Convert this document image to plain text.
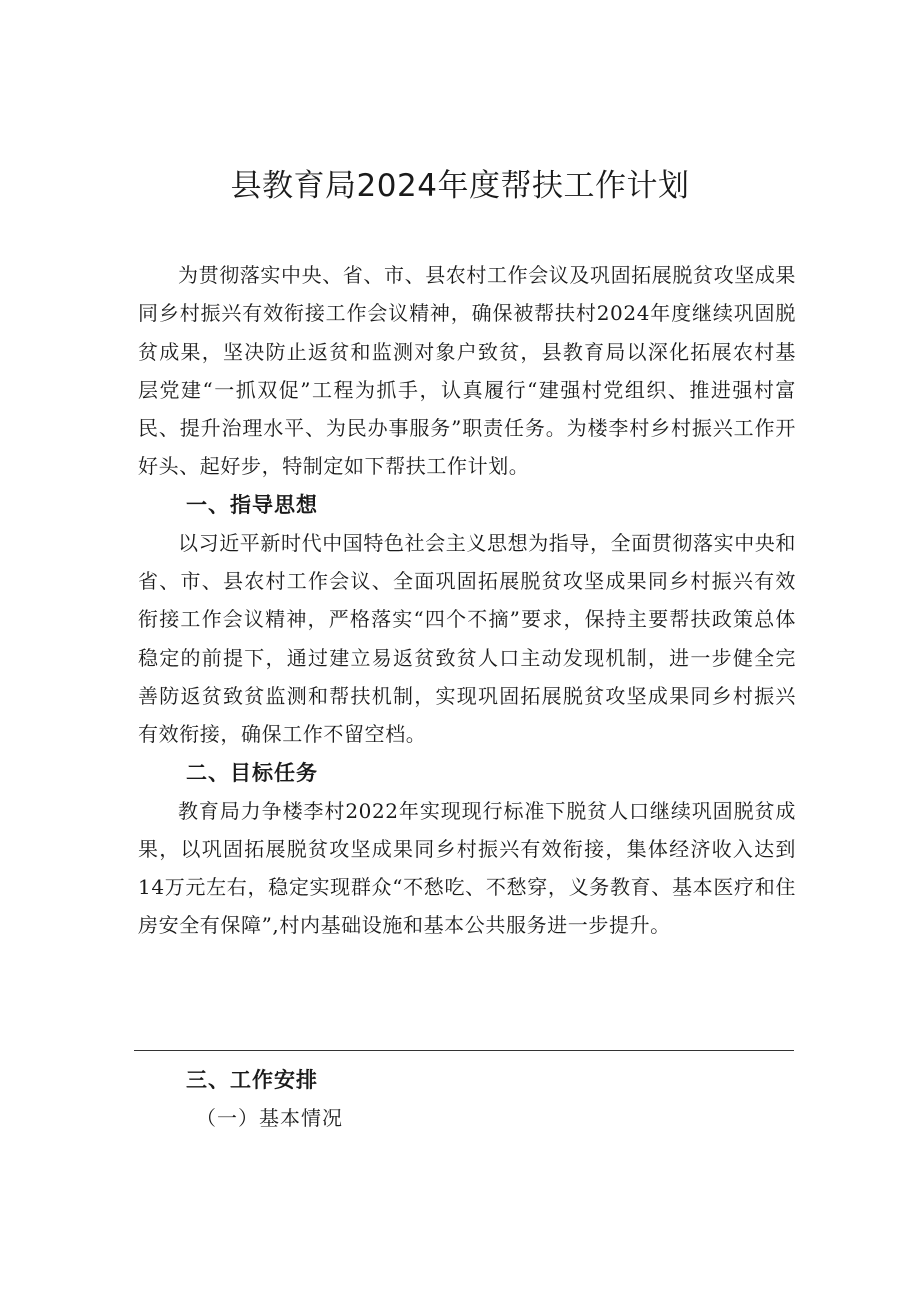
县教育局2024年度帮扶工作计划

为贯彻落实中央、省、市、县农村工作会议及巩固拓展脱贫攻坚成果同乡村振兴有效衔接工作会议精神，确保被帮扶村2024年度继续巩固脱贫成果，坚决防止返贫和监测对象户致贫，县教育局以深化拓展农村基层党建“一抓双促”工程为抓手，认真履行“建强村党组织、推进强村富民、提升治理水平、为民办事服务”职责任务。为楼李村乡村振兴工作开好头、起好步，特制定如下帮扶工作计划。

一、指导思想

以习近平新时代中国特色社会主义思想为指导，全面贯彻落实中央和省、市、县农村工作会议、全面巩固拓展脱贫攻坚成果同乡村振兴有效衔接工作会议精神，严格落实“四个不摘”要求，保持主要帮扶政策总体稳定的前提下，通过建立易返贫致贫人口主动发现机制，进一步健全完善防返贫致贫监测和帮扶机制，实现巩固拓展脱贫攻坚成果同乡村振兴有效衔接，确保工作不留空档。

二、目标任务

教育局力争楼李村2022年实现现行标准下脱贫人口继续巩固脱贫成果，以巩固拓展脱贫攻坚成果同乡村振兴有效衔接，集体经济收入达到14万元左右，稳定实现群众“不愁吃、不愁穿，义务教育、基本医疗和住房安全有保障”,村内基础设施和基本公共服务进一步提升。

三、工作安排

（一）基本情况
